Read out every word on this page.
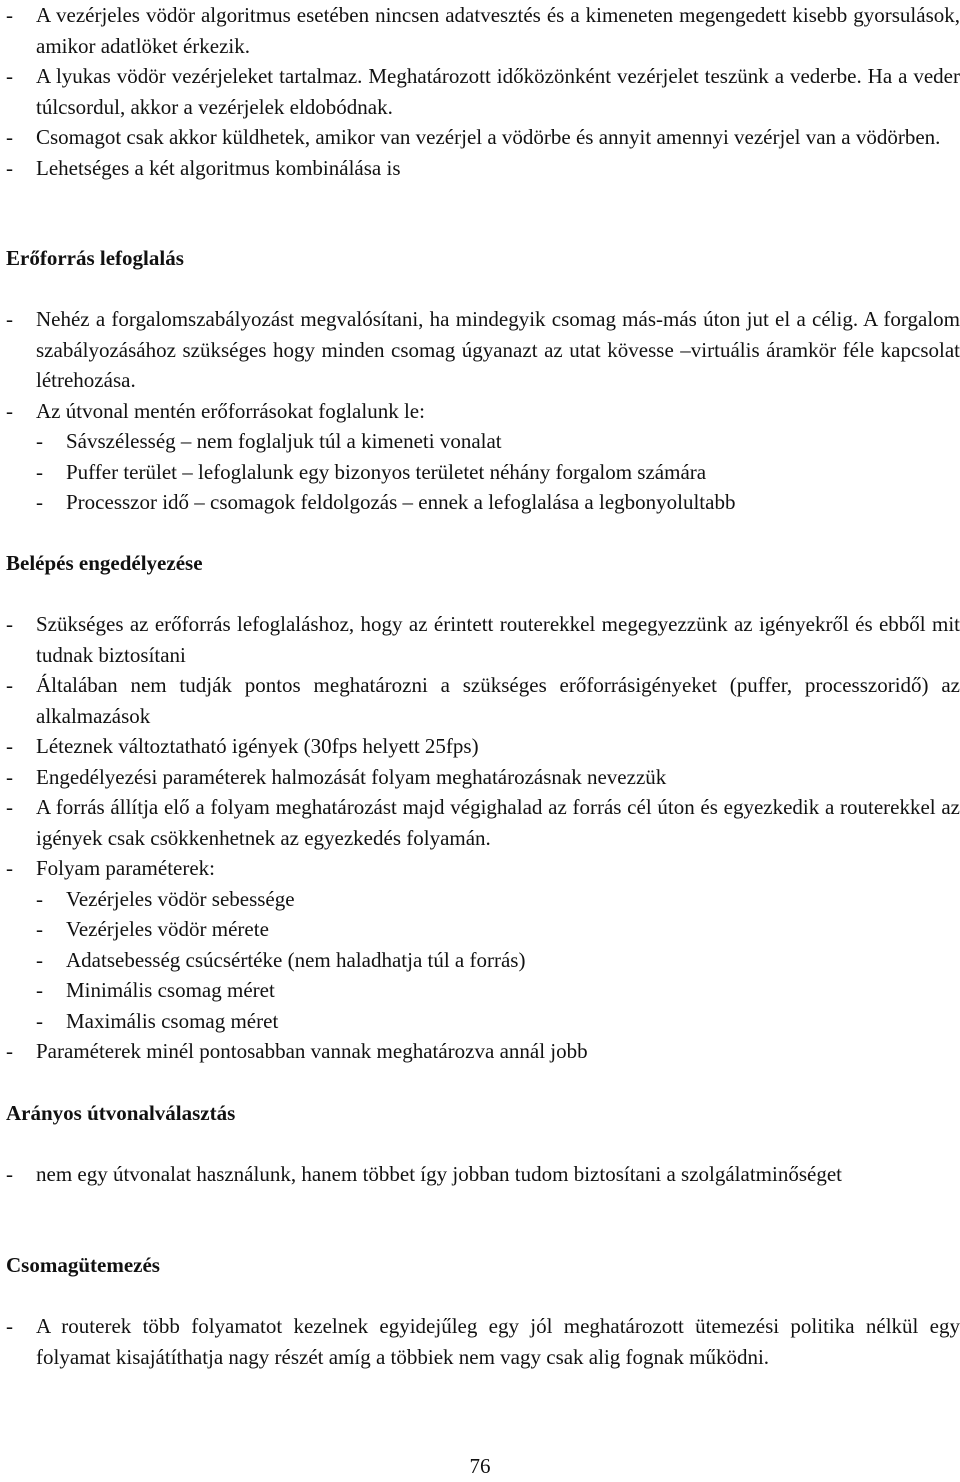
- A vezérjeles vödör algoritmus esetében nincsen adatvesztés és a kimeneten megengedett kisebb gyorsulások, amikor adatlöket érkezik.
- A lyukas vödör vezérjeleket tartalmaz. Meghatározott időközönként vezérjelet teszünk a vederbe. Ha a veder túlcsordul, akkor a vezérjelek eldobódnak.
- Csomagot csak akkor küldhetek, amikor van vezérjel a vödörbe és annyit amennyi vezérjel van a vödörben.
- Lehetséges a két algoritmus kombinálása is
Erőforrás lefoglalás
- Nehéz a forgalomszabályozást megvalósítani, ha mindegyik csomag más-más úton jut el a célig. A forgalom szabályozásához szükséges hogy minden csomag úgyanazt az utat kövesse –virtuális áramkör féle kapcsolat létrehozása.
- Az útvonal mentén erőforrásokat foglalunk le:
- Sávszélesség – nem foglaljuk túl a kimeneti vonalat
- Puffer terület – lefoglalunk egy bizonyos területet néhány forgalom számára
- Processzor idő – csomagok feldolgozás – ennek a lefoglalása a legbonyolultabb
Belépés engedélyezése
- Szükséges az erőforrás lefoglaláshoz, hogy az érintett routerekkel megegyezzünk az igényekről és ebből mit tudnak biztosítani
- Általában nem tudják pontos meghatározni a szükséges erőforrásigényeket (puffer, processzoridő) az alkalmazások
- Léteznek változtatható igények (30fps helyett 25fps)
- Engedélyezési paraméterek halmozását folyam meghatározásnak nevezzük
- A forrás állítja elő a folyam meghatározást majd végighalad az forrás cél úton és egyezkedik a routerekkel az igények csak csökkenhetnek az egyezkedés folyamán.
- Folyam paraméterek:
- Vezérjeles vödör sebessége
- Vezérjeles vödör mérete
- Adatsebesség csúcsértéke (nem haladhatja túl a forrás)
- Minimális csomag méret
- Maximális csomag méret
- Paraméterek minél pontosabban vannak meghatározva annál jobb
Arányos útvonalválasztás
- nem egy útvonalat használunk, hanem többet így jobban tudom biztosítani a szolgálatminőséget
Csomagütemezés
- A routerek több folyamatot kezelnek egyidejűleg egy jól meghatározott ütemezési politika nélkül egy folyamat kisajátíthatja nagy részét amíg a többiek nem vagy csak alig fognak működni.
76
